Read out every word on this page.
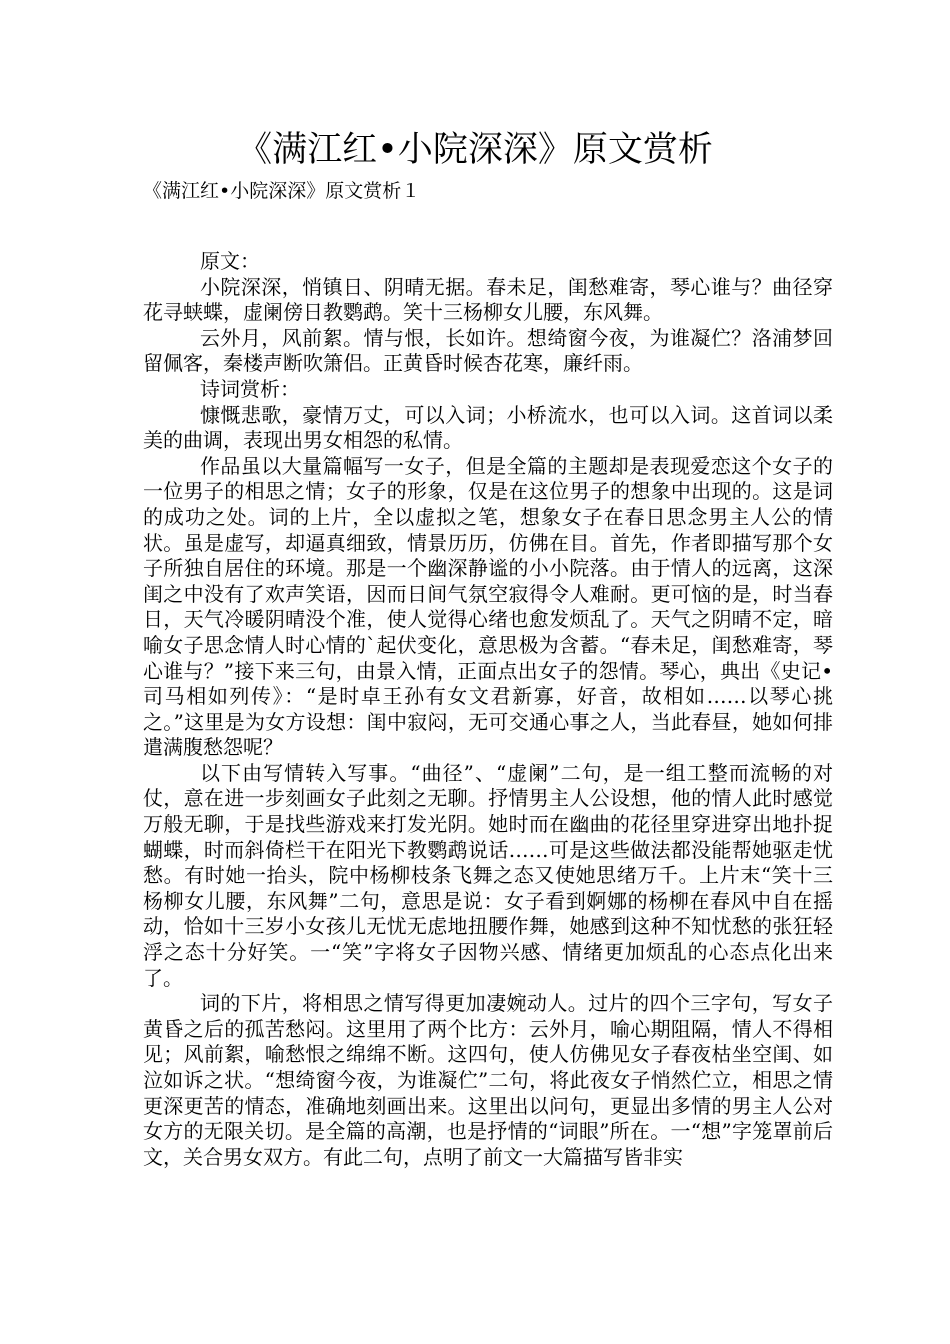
《满江红•小院深深》原文赏析
《满江红•小院深深》原文赏析１

原文：

小院深深，悄镇日、阴晴无据。春未足，闺愁难寄，琴心谁与？曲径穿花寻蛱蝶，虚阑傍日教鹦鹉。笑十三杨柳女儿腰，东风舞。

云外月，风前絮。情与恨，长如许。想绮窗今夜，为谁凝伫？洛浦梦回留佩客，秦楼声断吹箫侣。正黄昏时候杏花寒，廉纤雨。

诗词赏析：

慷慨悲歌，豪情万丈，可以入词；小桥流水，也可以入词。这首词以柔美的曲调，表现出男女相怨的私情。

作品虽以大量篇幅写一女子，但是全篇的主题却是表现爱恋这个女子的一位男子的相思之情；女子的形象，仅是在这位男子的想象中出现的。这是词的成功之处。词的上片，全以虚拟之笔，想象女子在春日思念男主人公的情状。虽是虚写，却逼真细致，情景历历，仿佛在目。首先，作者即描写那个女子所独自居住的环境。那是一个幽深静谧的小小院落。由于情人的远离，这深闺之中没有了欢声笑语，因而日间气氛空寂得令人难耐。更可恼的是，时当春日，天气冷暖阴晴没个准，使人觉得心绪也愈发烦乱了。天气之阴晴不定，暗喻女子思念情人时心情的`起伏变化，意思极为含蓄。“春未足，闺愁难寄，琴心谁与？”接下来三句，由景入情，正面点出女子的怨情。琴心，典出《史记•司马相如列传》：“是时卓王孙有女文君新寡，好音，故相如……以琴心挑之。”这里是为女方设想：闺中寂闷，无可交通心事之人，当此春昼，她如何排遣满腹愁怨呢？

以下由写情转入写事。“曲径”、“虚阑”二句，是一组工整而流畅的对仗，意在进一步刻画女子此刻之无聊。抒情男主人公设想，他的情人此时感觉万般无聊，于是找些游戏来打发光阴。她时而在幽曲的花径里穿进穿出地扑捉蝴蝶，时而斜倚栏干在阳光下教鹦鹉说话……可是这些做法都没能帮她驱走忧愁。有时她一抬头，院中杨柳枝条飞舞之态又使她思绪万千。上片末“笑十三杨柳女儿腰，东风舞”二句，意思是说：女子看到婀娜的杨柳在春风中自在摇动，恰如十三岁小女孩儿无忧无虑地扭腰作舞，她感到这种不知忧愁的张狂轻浮之态十分好笑。一“笑”字将女子因物兴感、情绪更加烦乱的心态点化出来了。

词的下片，将相思之情写得更加凄婉动人。过片的四个三字句，写女子黄昏之后的孤苦愁闷。这里用了两个比方：云外月，喻心期阻隔，情人不得相见；风前絮，喻愁恨之绵绵不断。这四句，使人仿佛见女子春夜枯坐空闺、如泣如诉之状。“想绮窗今夜，为谁凝伫”二句，将此夜女子悄然伫立，相思之情更深更苦的情态，准确地刻画出来。这里出以问句，更显出多情的男主人公对女方的无限关切。是全篇的高潮，也是抒情的“词眼”所在。一“想”字笼罩前后文，关合男女双方。有此二句，点明了前文一大篇描写皆非实
